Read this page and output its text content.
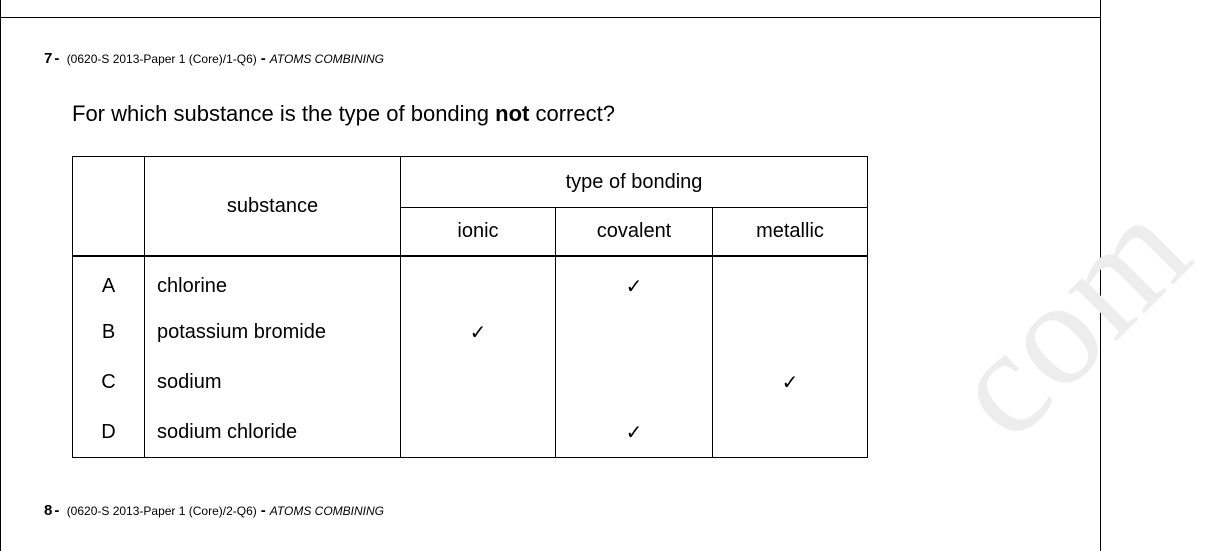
com
7 - (0620-S 2013-Paper 1 (Core)/1-Q6) - ATOMS COMBINING
For which substance is the type of bonding not correct?
	substance	type of bonding		
		ionic	covalent	metallic
A	chlorine		✓	
B	potassium bromide	✓		
C	sodium			✓
D	sodium chloride		✓	
8 - (0620-S 2013-Paper 1 (Core)/2-Q6) - ATOMS COMBINING
